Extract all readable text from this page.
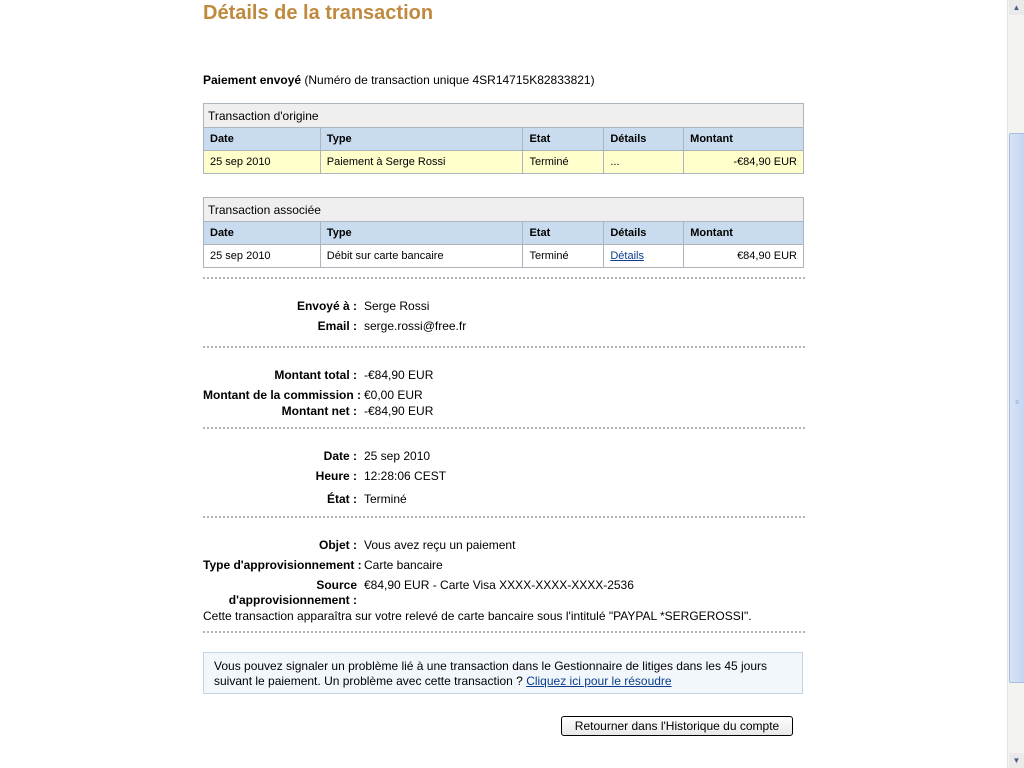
Détails de la transaction
Paiement envoyé (Numéro de transaction unique 4SR14715K82833821)
Transaction d'origine				
Date	Type	Etat	Détails	Montant
25 sep 2010	Paiement à Serge Rossi	Terminé	...	-€84,90 EUR
Transaction associée				
Date	Type	Etat	Détails	Montant
25 sep 2010	Débit sur carte bancaire	Terminé	Détails	€84,90 EUR
Envoyé à : Serge Rossi
Email : serge.rossi@free.fr
Montant total : -€84,90 EUR
Montant de la commission : €0,00 EUR
Montant net : -€84,90 EUR
Date : 25 sep 2010
Heure : 12:28:06 CEST
État : Terminé
Objet : Vous avez reçu un paiement
Type d'approvisionnement : Carte bancaire
Source
d'approvisionnement :
€84,90 EUR - Carte Visa XXXX-XXXX-XXXX-2536
Cette transaction apparaîtra sur votre relevé de carte bancaire sous l'intitulé "PAYPAL *SERGEROSSI".
Vous pouvez signaler un problème lié à une transaction dans le Gestionnaire de litiges dans les 45 jours
suivant le paiement. Un problème avec cette transaction ? Cliquez ici pour le résoudre
Retourner dans l'Historique du compte
▲
≡
▼
